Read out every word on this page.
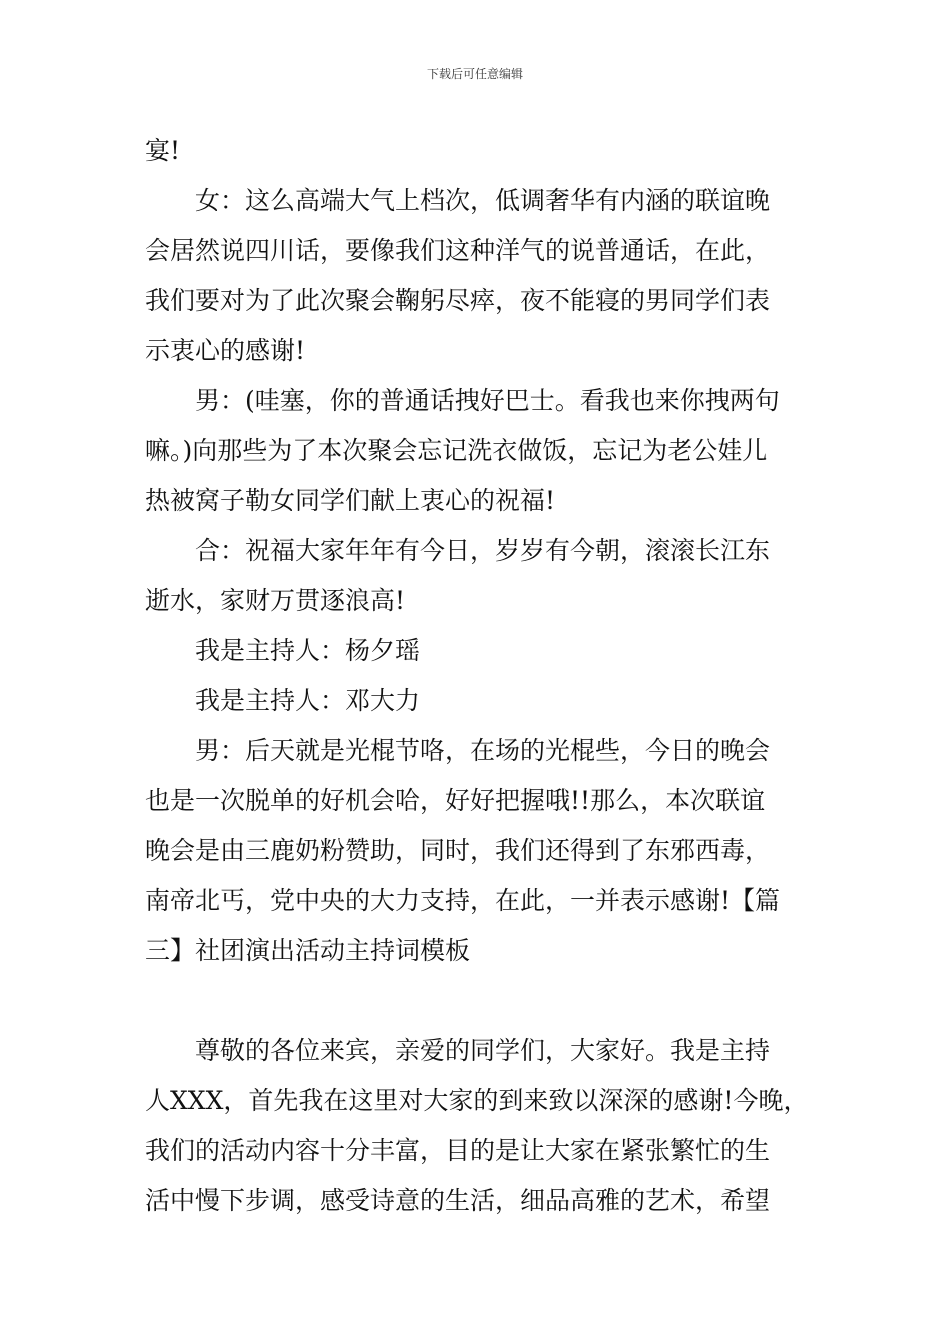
下载后可任意编辑
宴!
女：这么高端大气上档次，低调奢华有内涵的联谊晚
会居然说四川话，要像我们这种洋气的说普通话，在此，
我们要对为了此次聚会鞠躬尽瘁，夜不能寝的男同学们表
示衷心的感谢!
男：(哇塞，你的普通话拽好巴士。看我也来你拽两句
嘛。)向那些为了本次聚会忘记洗衣做饭，忘记为老公娃儿
热被窝子勒女同学们献上衷心的祝福!
合：祝福大家年年有今日，岁岁有今朝，滚滚长江东
逝水，家财万贯逐浪高!
我是主持人：杨夕瑶
我是主持人：邓大力
男：后天就是光棍节咯，在场的光棍些，今日的晚会
也是一次脱单的好机会哈，好好把握哦!!那么，本次联谊
晚会是由三鹿奶粉赞助，同时，我们还得到了东邪西毒，
南帝北丐，党中央的大力支持，在此，一并表示感谢!【篇
三】社团演出活动主持词模板
尊敬的各位来宾，亲爱的同学们，大家好。我是主持
人XXX，首先我在这里对大家的到来致以深深的感谢!今晚，
我们的活动内容十分丰富，目的是让大家在紧张繁忙的生
活中慢下步调，感受诗意的生活，细品高雅的艺术，希望
